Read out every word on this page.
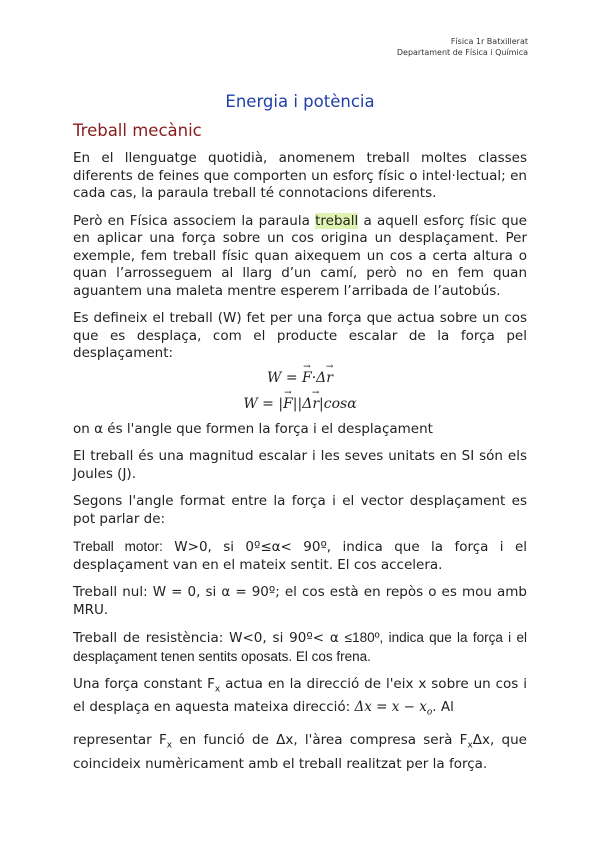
Física 1r Batxillerat
Departament de Física i Química
Energia i potència
Treball mecànic

En el llenguatge quotidià, anomenem treball moltes classes diferents de feines que comporten un esforç físic o intel·lectual; en cada cas, la paraula treball té connotacions diferents.

Però en Física associem la paraula treball a aquell esforç físic que en aplicar una força sobre un cos origina un desplaçament. Per exemple, fem treball físic quan aixequem un cos a certa altura o quan l’arrosseguem al llarg d’un camí, però no en fem quan aguantem una maleta mentre esperem l’arribada de l’autobús.

Es defineix el treball (W) fet per una força que actua sobre un cos que es desplaça, com el producte escalar de la força pel desplaçament:

W = F →·Δr →
W = |F →||Δr →|cosα

on α és l'angle que formen la força i el desplaçament

El treball és una magnitud escalar i les seves unitats en SI són els Joules (J).

Segons l'angle format entre la força i el vector desplaçament es pot parlar de:

Treball motor: W>0, si 0º≤α< 90º, indica que la força i el desplaçament van en el mateix sentit. El cos accelera.

Treball nul: W = 0, si α = 90º; el cos està en repòs o es mou amb MRU.

Treball de resistència: W<0, si 90º< α ≤180º, indica que la força i el desplaçament tenen sentits oposats. El cos frena.

Una força constant $F_x$ actua en la direcció de l'eix x sobre un cos i el desplaça en aquesta mateixa direcció: $\Delta x = x - x_o$. Al

representar $F_x$ en funció de Δx, l'àrea compresa serà $F_x\Delta x$, que coincideix numèricament amb el treball realitzat per la força.
